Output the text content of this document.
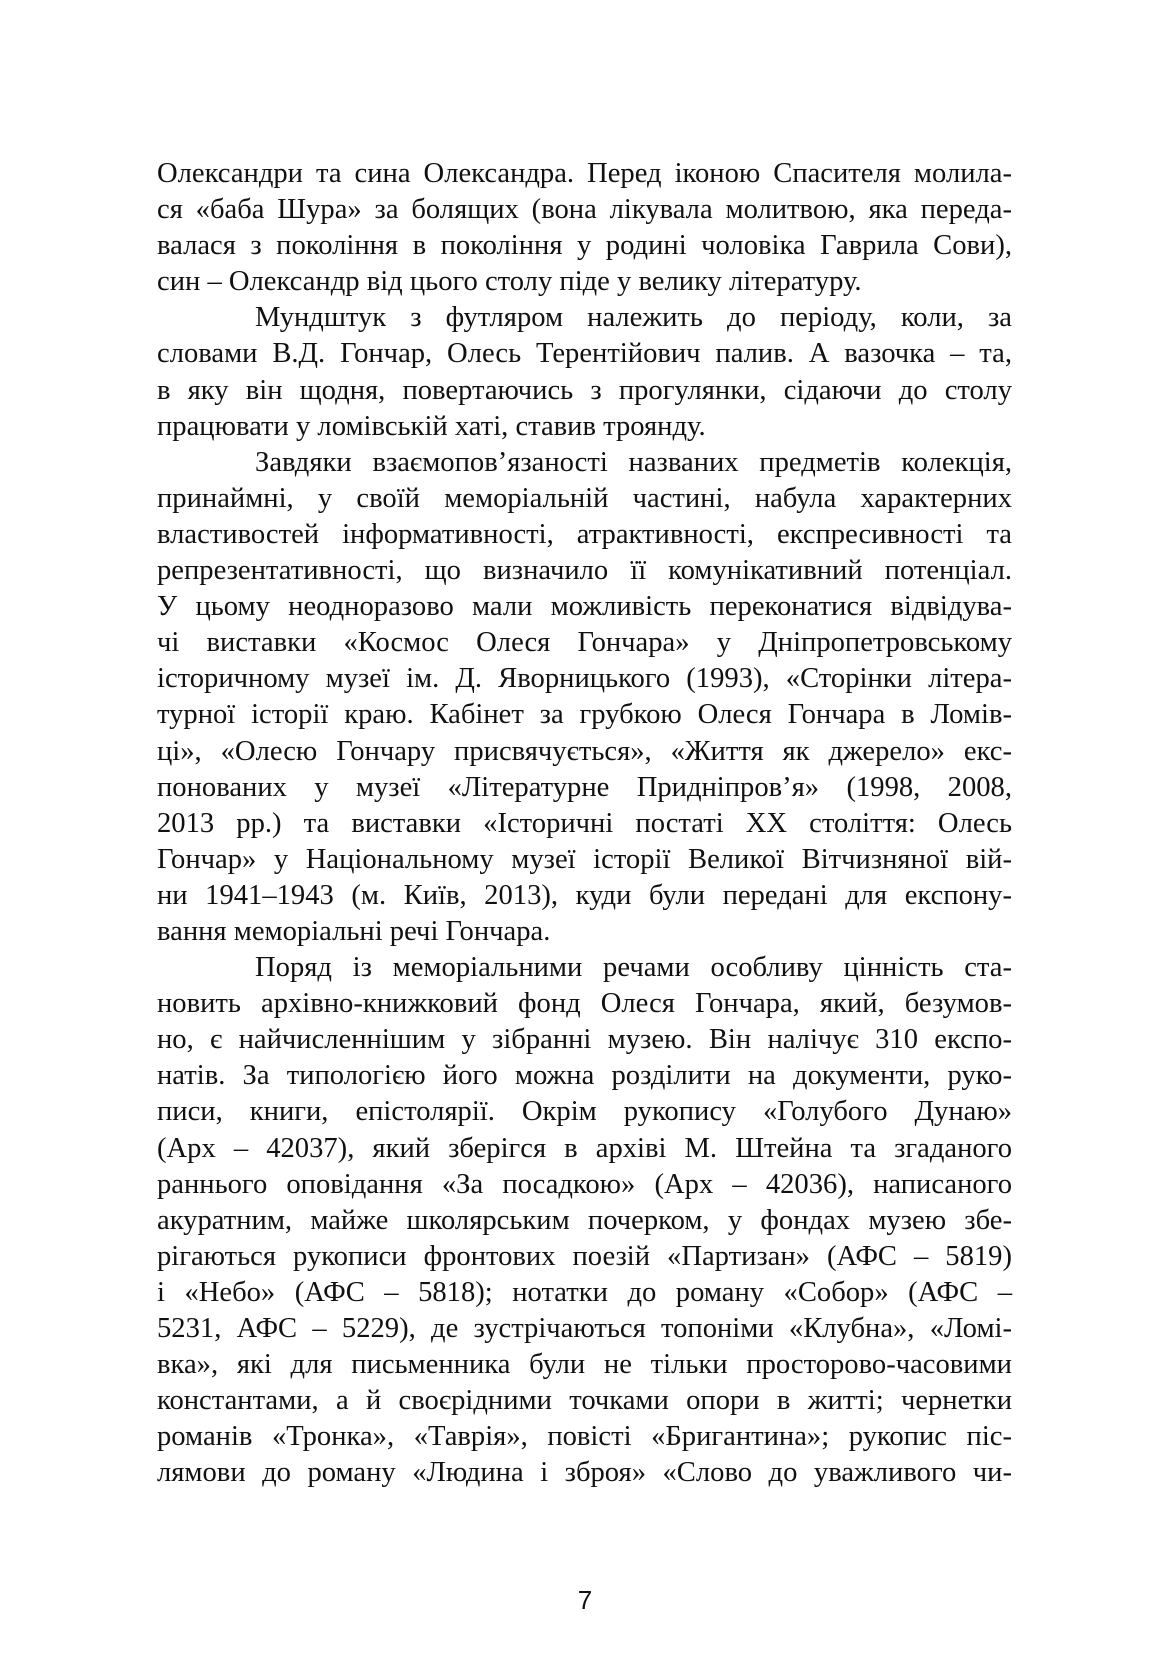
Олександри та сина Олександра. Перед іконою Спасителя молила-
ся «баба Шура» за болящих (вона лікувала молитвою, яка переда-
валася з покоління в покоління у родині чоловіка Гаврила Сови),
син – Олександр від цього столу піде у велику літературу.
Мундштук з футляром належить до періоду, коли, за
словами В.Д. Гончар, Олесь Терентійович палив. А вазочка – та,
в яку він щодня, повертаючись з прогулянки, сідаючи до столу
працювати у ломівській хаті, ставив троянду.
Завдяки взаємопов’язаності названих предметів колекція,
принаймні, у своїй меморіальній частині, набула характерних
властивостей інформативності, атрактивності, експресивності та
репрезентативності, що визначило її комунікативний потенціал.
У цьому неодноразово мали можливість переконатися відвідува-
чі виставки «Космос Олеся Гончара» у Дніпропетровському
історичному музеї ім. Д. Яворницького (1993), «Сторінки літера-
турної історії краю. Кабінет за грубкою Олеся Гончара в Ломів-
ці», «Олесю Гончару присвячується», «Життя як джерело» екс-
понованих у музеї «Літературне Придніпров’я» (1998, 2008,
2013 рр.) та виставки «Історичні постаті ХХ століття: Олесь
Гончар» у Національному музеї історії Великої Вітчизняної вій-
ни 1941–1943 (м. Київ, 2013), куди були передані для експону-
вання меморіальні речі Гончара.
Поряд із меморіальними речами особливу цінність ста-
новить архівно-книжковий фонд Олеся Гончара, який, безумов-
но, є найчисленнішим у зібранні музею. Він налічує 310 експо-
натів. За типологією його можна розділити на документи, руко-
писи, книги, епістолярії. Окрім рукопису «Голубого Дунаю»
(Арх – 42037), який зберігся в архіві М. Штейна та згаданого
раннього оповідання «За посадкою» (Арх – 42036), написаного
акуратним, майже школярським почерком, у фондах музею збе-
рігаються рукописи фронтових поезій «Партизан» (АФС – 5819)
і «Небо» (АФС – 5818); нотатки до роману «Собор» (АФС –
5231, АФС – 5229), де зустрічаються топоніми «Клубна», «Ломі-
вка», які для письменника були не тільки просторово-часовими
константами, а й своєрідними точками опори в житті; чернетки
романів «Тронка», «Таврія», повісті «Бригантина»; рукопис піс-
лямови до роману «Людина і зброя» «Слово до уважливого чи-
7
